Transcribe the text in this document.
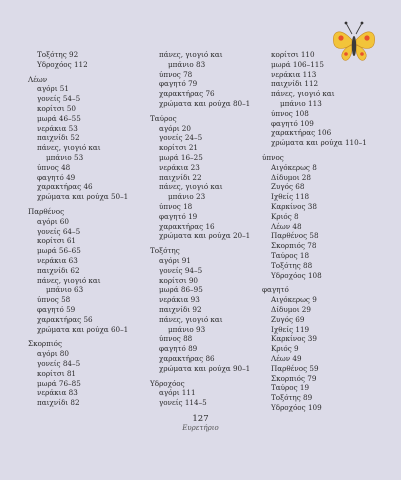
Τοξότης 92
Υδροχόος 112
Λέων
αγόρι 51
γονείς 54–5
κορίτσι 50
μωρά 46–55
νεράκια 53
παιχνίδι 52
πάνες, γιογιό και
μπάνιο 53
ύπνος 48
φαγητό 49
χαρακτήρας 46
χρώματα και ρούχα 50–1
Παρθένος
αγόρι 60
γονείς 64–5
κορίτσι 61
μωρά 56–65
νεράκια 63
παιχνίδι 62
πάνες, γιογιό και
μπάνιο 63
ύπνος 58
φαγητό 59
χαρακτήρας 56
χρώματα και ρούχα 60–1
Σκορπιός
αγόρι 80
γονείς 84–5
κορίτσι 81
μωρά 76–85
νεράκια 83
παιχνίδι 82
πάνες, γιογιό και
μπάνιο 83
ύπνος 78
φαγητό 79
χαρακτήρας 76
χρώματα και ρούχα 80–1
Ταύρος
αγόρι 20
γονείς 24–5
κορίτσι 21
μωρά 16–25
νεράκια 23
παιχνίδι 22
πάνες, γιογιό και
μπάνιο 23
ύπνος 18
φαγητό 19
χαρακτήρας 16
χρώματα και ρούχα 20–1
Τοξότης
αγόρι 91
γονείς 94–5
κορίτσι 90
μωρά 86–95
νεράκια 93
παιχνίδι 92
πάνες, γιογιό και
μπάνιο 93
ύπνος 88
φαγητό 89
χαρακτήρας 86
χρώματα και ρούχα 90–1
Υδροχόος
αγόρι 111
γονείς 114–5
κορίτσι 110
μωρά 106–115
νεράκια 113
παιχνίδι 112
πάνες, γιογιό και
μπάνιο 113
ύπνος 108
φαγητό 109
χαρακτήρας 106
χρώματα και ρούχα 110–1
ύπνος
Αιγόκερως 8
Δίδυμοι 28
Ζυγός 68
Ιχθείς 118
Καρκίνος 38
Κριός 8
Λέων 48
Παρθένος 58
Σκορπιός 78
Ταύρος 18
Τοξότης 88
Υδροχόος 108
φαγητό
Αιγόκερως 9
Δίδυμοι 29
Ζυγός 69
Ιχθείς 119
Καρκίνος 39
Κριός 9
Λέων 49
Παρθένος 59
Σκορπιός 79
Ταύρος 19
Τοξότης 89
Υδροχόος 109
127
Ευρετήριο
